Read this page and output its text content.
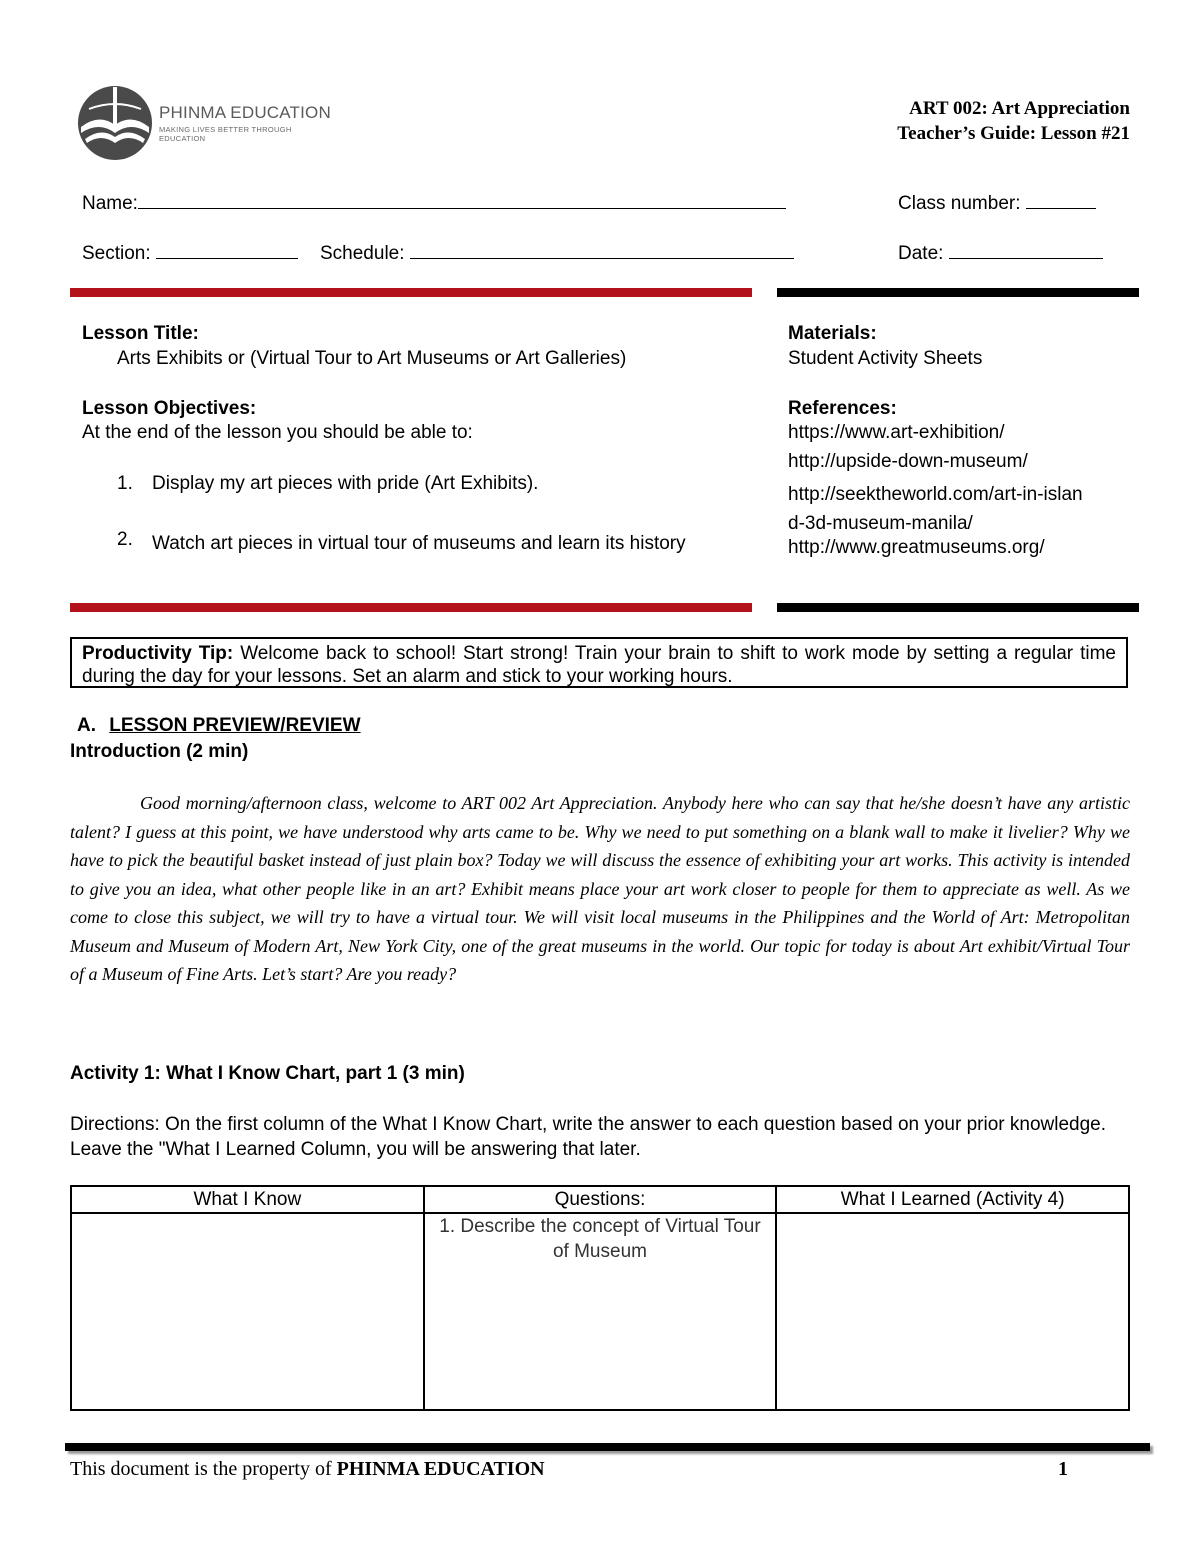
PHINMA EDUCATION
MAKING LIVES BETTER THROUGH EDUCATION
ART 002: Art Appreciation
Teacher’s Guide: Lesson #21
Name:	Class number:
Section:	Schedule:	Date:
Lesson Title:
Arts Exhibits or (Virtual Tour to Art Museums or Art Galleries)
Lesson Objectives:
At the end of the lesson you should be able to:
1. Display my art pieces with pride (Art Exhibits).
2. Watch art pieces in virtual tour of museums and learn its history
Materials:
Student Activity Sheets
References:
https://www.art-exhibition/
http://upside-down-museum/
http://seektheworld.com/art-in-island-3d-museum-manila/
http://www.greatmuseums.org/
Productivity Tip: Welcome back to school! Start strong! Train your brain to shift to work mode by setting a regular time during the day for your lessons. Set an alarm and stick to your working hours.
A. LESSON PREVIEW/REVIEW
Introduction (2 min)
Good morning/afternoon class, welcome to ART 002 Art Appreciation. Anybody here who can say that he/she doesn’t have any artistic talent? I guess at this point, we have understood why arts came to be. Why we need to put something on a blank wall to make it livelier? Why we have to pick the beautiful basket instead of just plain box? Today we will discuss the essence of exhibiting your art works. This activity is intended to give you an idea, what other people like in an art? Exhibit means place your art work closer to people for them to appreciate as well. As we come to close this subject, we will try to have a virtual tour. We will visit local museums in the Philippines and the World of Art: Metropolitan Museum and Museum of Modern Art, New York City, one of the great museums in the world. Our topic for today is about Art exhibit/Virtual Tour of a Museum of Fine Arts. Let’s start? Are you ready?
Activity 1: What I Know Chart, part 1 (3 min)
Directions: On the first column of the What I Know Chart, write the answer to each question based on your prior knowledge. Leave the "What I Learned Column, you will be answering that later.
What I Know	Questions:	What I Learned (Activity 4)
	1. Describe the concept of Virtual Tour of Museum	
This document is the property of PHINMA EDUCATION	1
